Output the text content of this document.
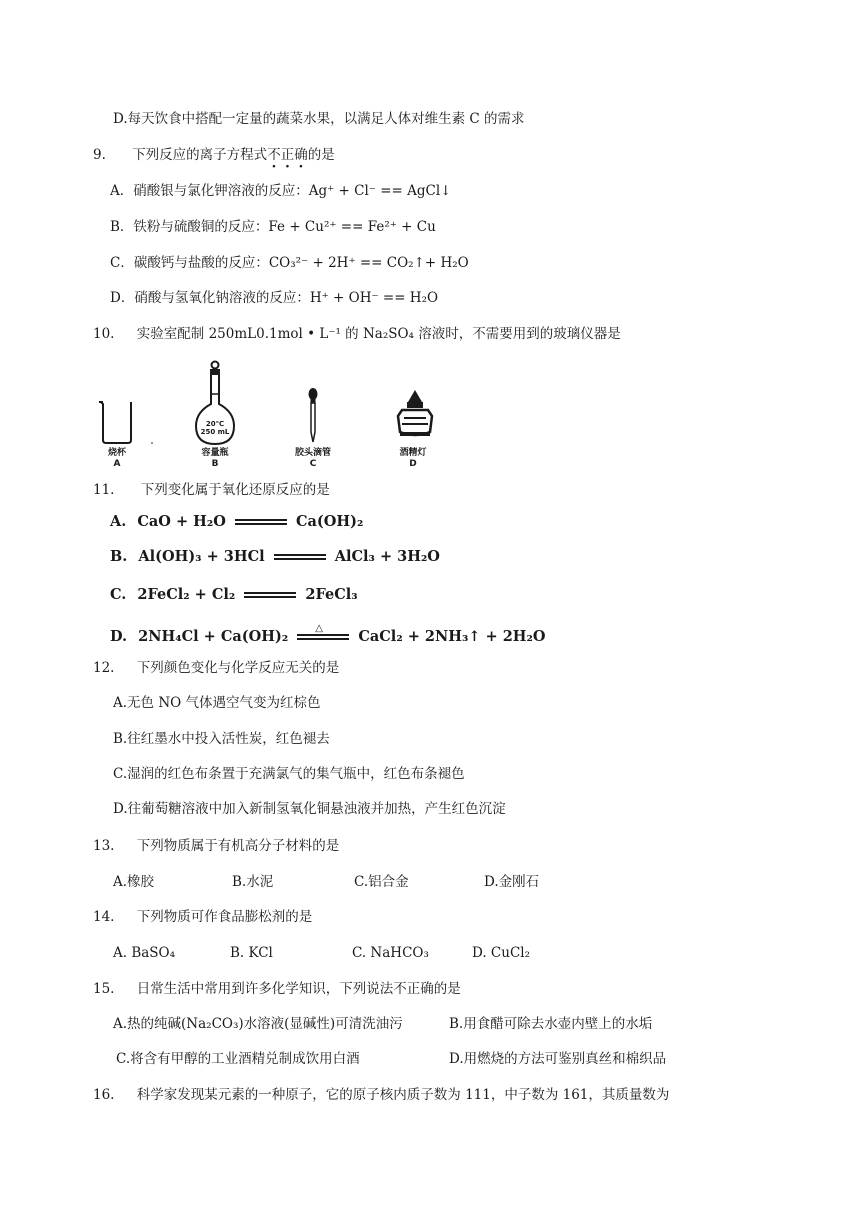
D.每天饮食中搭配一定量的蔬菜水果，以满足人体对维生素 C 的需求
9. 下列反应的离子方程式不正确的是
A．硝酸银与氯化钾溶液的反应：Ag⁺ + Cl⁻ == AgCl↓
B．铁粉与硫酸铜的反应：Fe + Cu²⁺ == Fe²⁺ + Cu
C．碳酸钙与盐酸的反应：CO₃²⁻ + 2H⁺ == CO₂↑+ H₂O
D．硝酸与氢氧化钠溶液的反应：H⁺ + OH⁻ == H₂O
10. 实验室配制 250mL0.1mol • L⁻¹ 的 Na₂SO₄ 溶液时，不需要用到的玻璃仪器是
烧杯
A
20℃
250 mL
容量瓶
B
胶头滴管
C
酒精灯
D
11. 下列变化属于氧化还原反应的是
A. CaO + H₂O	Ca(OH)₂
B. Al(OH)₃ + 3HCl	AlCl₃ + 3H₂O
C. 2FeCl₂ + Cl₂	2FeCl₃
D. 2NH₄Cl + Ca(OH)₂	△ CaCl₂ + 2NH₃↑ + 2H₂O
12. 下列颜色变化与化学反应无关的是
A.无色 NO 气体遇空气变为红棕色
B.往红墨水中投入活性炭，红色褪去
C.湿润的红色布条置于充满氯气的集气瓶中，红色布条褪色
D.往葡萄糖溶液中加入新制氢氧化铜悬浊液并加热，产生红色沉淀
13. 下列物质属于有机高分子材料的是
A.橡胶	B.水泥	C.铝合金	D.金刚石
14. 下列物质可作食品膨松剂的是
A. BaSO₄	B. KCl	C. NaHCO₃	D. CuCl₂
15. 日常生活中常用到许多化学知识，下列说法不正确的是
A.热的纯碱(Na₂CO₃)水溶液(显碱性)可清洗油污	B.用食醋可除去水壶内壁上的水垢
C.将含有甲醇的工业酒精兑制成饮用白酒	D.用燃烧的方法可鉴别真丝和棉织品
16. 科学家发现某元素的一种原子，它的原子核内质子数为 111，中子数为 161，其质量数为
